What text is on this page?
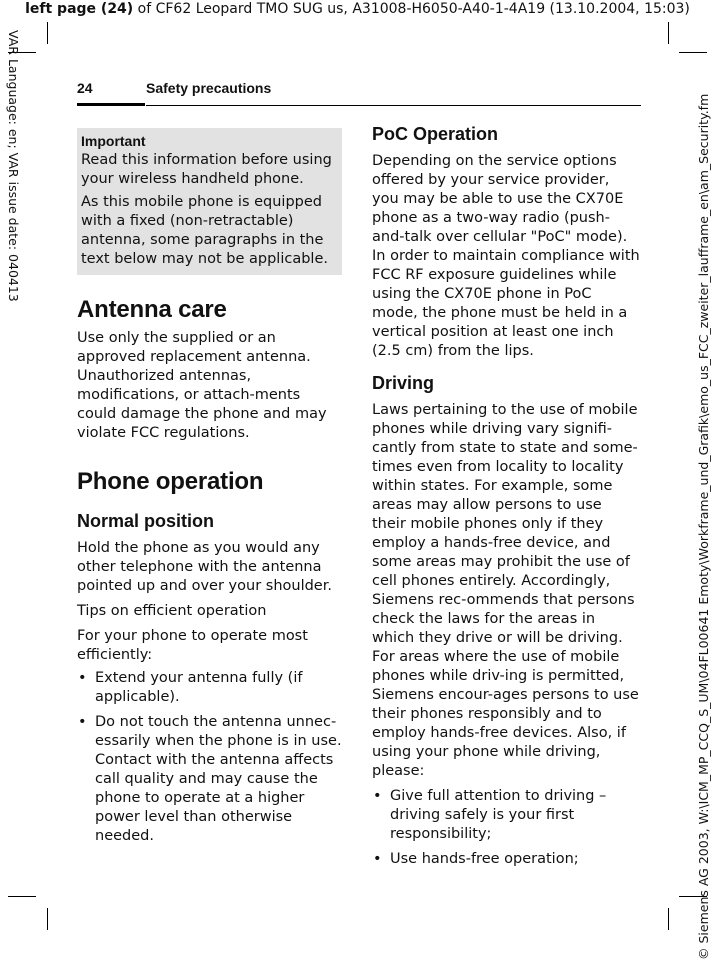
left page (24) of CF62 Leopard TMO SUG us, A31008-H6050-A40-1-4A19 (13.10.2004, 15:03)
VAR Language: en; VAR issue date: 040413	© Siemens AG 2003, W:\ICM_MP_CCQ_S_UM\04FL00641 Emoty\Workframe_und_Grafik\emo_us_FCC_zweiter_laufframe_en\am_Security.fm
24	Safety precautions
Important

Read this information before using your wireless handheld phone.

As this mobile phone is equipped with a fixed (non-retractable) antenna, some paragraphs in the text below may not be applicable.

Antenna care

Use only the supplied or an approved replacement antenna. Unauthorized antennas, modifications, or attach-ments could damage the phone and may violate FCC regulations.

Phone operation
Normal position

Hold the phone as you would any other telephone with the antenna pointed up and over your shoulder.

Tips on efficient operation

For your phone to operate most efficiently:

• Extend your antenna fully (if applicable).
• Do not touch the antenna unnec-essarily when the phone is in use. Contact with the antenna affects call quality and may cause the phone to operate at a higher power level than otherwise needed.
PoC Operation

Depending on the service options offered by your service provider, you may be able to use the CX70E phone as a two-way radio (push-and-talk over cellular "PoC" mode). In order to maintain compliance with FCC RF exposure guidelines while using the CX70E phone in PoC mode, the phone must be held in a vertical position at least one inch (2.5 cm) from the lips.

Driving

Laws pertaining to the use of mobile phones while driving vary signifi-cantly from state to state and some-times even from locality to locality within states. For example, some areas may allow persons to use their mobile phones only if they employ a hands-free device, and some areas may prohibit the use of cell phones entirely. Accordingly, Siemens rec-ommends that persons check the laws for the areas in which they drive or will be driving. For areas where the use of mobile phones while driv-ing is permitted, Siemens encour-ages persons to use their phones responsibly and to employ hands-free devices. Also, if using your phone while driving, please:

• Give full attention to driving – driving safely is your first responsibility;
• Use hands-free operation;
